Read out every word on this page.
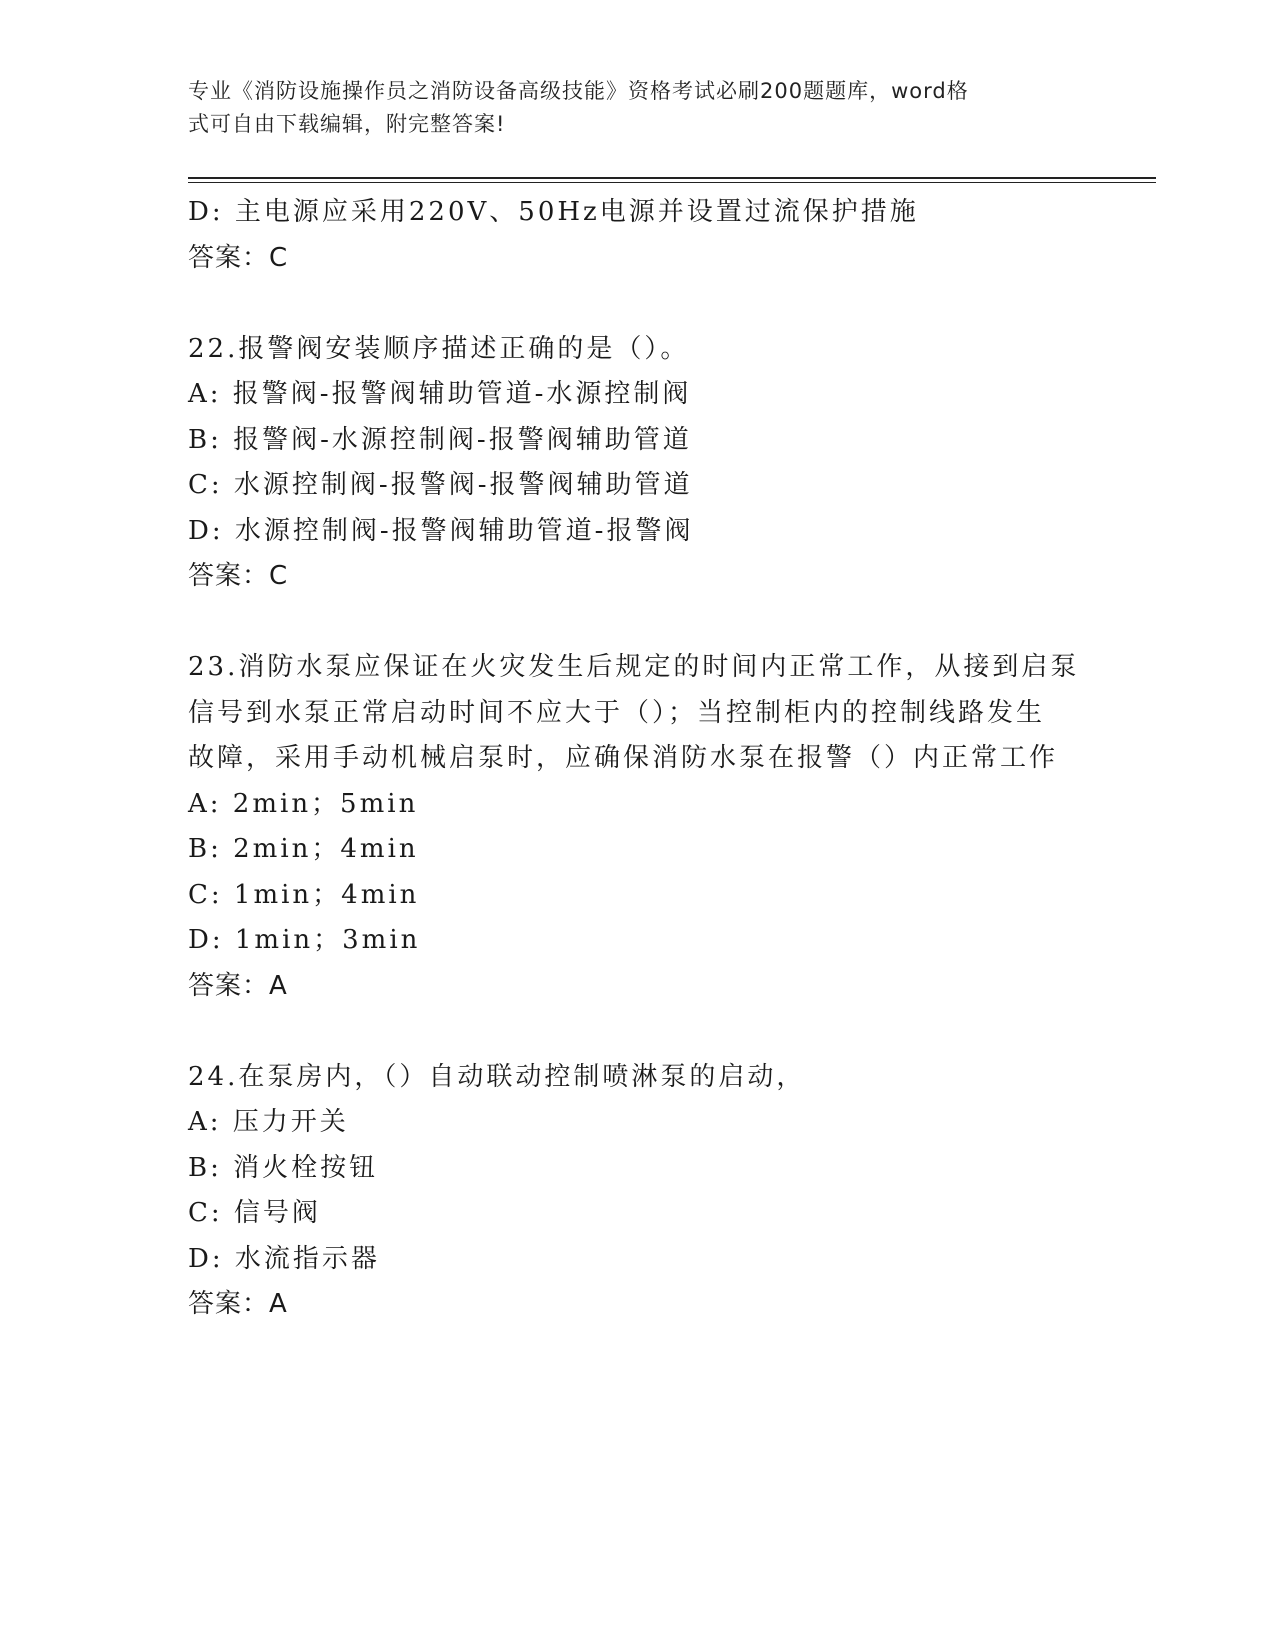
专业《消防设施操作员之消防设备高级技能》资格考试必刷200题题库，word格
式可自由下载编辑，附完整答案!
D: 主电源应采用220V、50Hz电源并设置过流保护措施
答案：C
22.报警阀安装顺序描述正确的是（）。
A: 报警阀-报警阀辅助管道-水源控制阀
B: 报警阀-水源控制阀-报警阀辅助管道
C: 水源控制阀-报警阀-报警阀辅助管道
D: 水源控制阀-报警阀辅助管道-报警阀
答案：C
23.消防水泵应保证在火灾发生后规定的时间内正常工作，从接到启泵
信号到水泵正常启动时间不应大于（）；当控制柜内的控制线路发生
故障，采用手动机械启泵时，应确保消防水泵在报警（）内正常工作
A: 2min；5min
B: 2min；4min
C: 1min；4min
D: 1min；3min
答案：A
24.在泵房内，（）自动联动控制喷淋泵的启动，
A: 压力开关
B: 消火栓按钮
C: 信号阀
D: 水流指示器
答案：A
